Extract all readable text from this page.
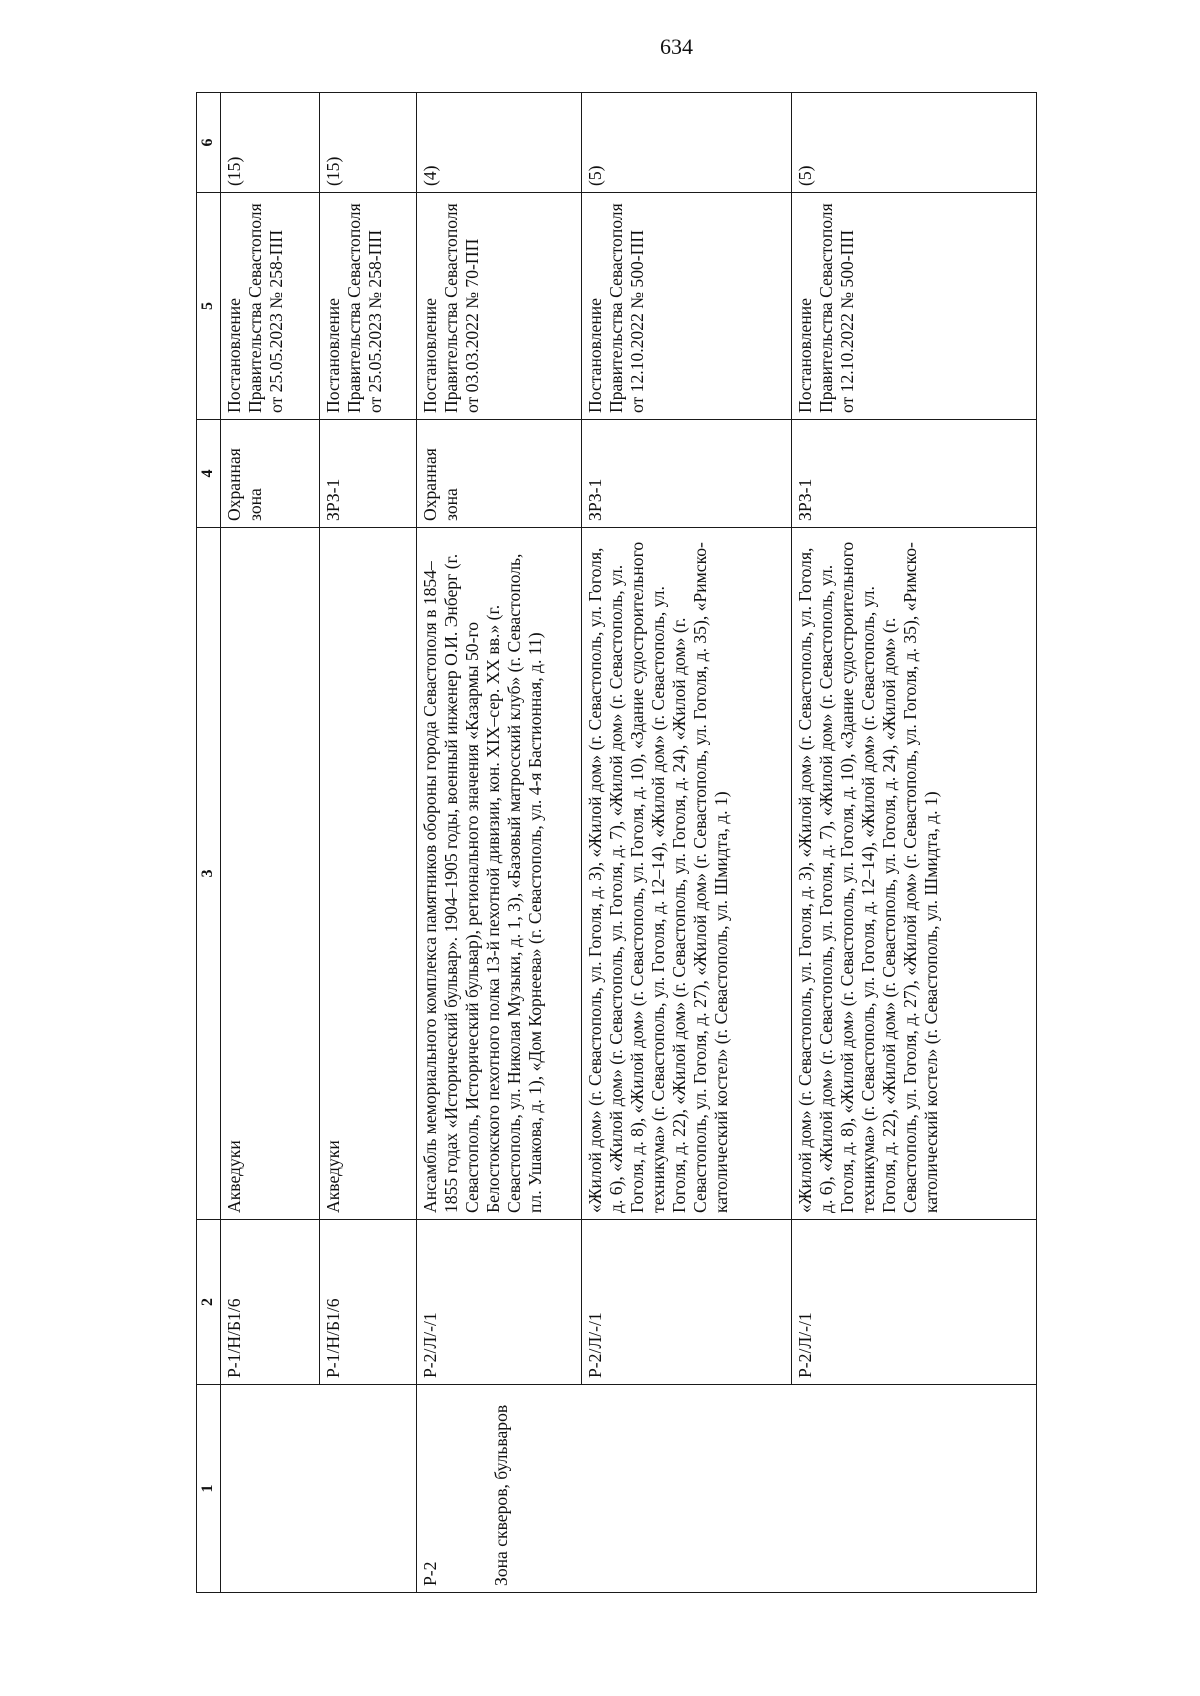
634
1	2	3	4	5	6
	Р-1/Н/Б1/6	Акведуки	Охранная зона	Постановление Правительства Севастополя от 25.05.2023 № 258-ПП	(15)
	Р-1/Н/Б1/6	Акведуки	ЗРЗ-1	Постановление Правительства Севастополя от 25.05.2023 № 258-ПП	(15)

Р-2 Зона скверов, бульваров	Р-2/Л/-/1	Ансамбль мемориального комплекса памятников обороны города Севастополя в 1854–1855 годах «Исторический бульвар». 1904–1905 годы, военный инженер О.И. Энберг (г. Севастополь, Исторический бульвар), регионального значения «Казармы 50-го Белостокского пехотного полка 13-й пехотной дивизии, кон. XIX–сер. XX вв.» (г. Севастополь, ул. Николая Музыки, д. 1, 3), «Базовый матросский клуб» (г. Севастополь, пл. Ушакова, д. 1), «Дом Корнеева» (г. Севастополь, ул. 4-я Бастионная, д. 11)	Охранная зона	Постановление Правительства Севастополя от 03.03.2022 № 70-ПП	(4)
	Р-2/Л/-/1	«Жилой дом» (г. Севастополь, ул. Гоголя, д. 3), «Жилой дом» (г. Севастополь, ул. Гоголя, д. 6), «Жилой дом» (г. Севастополь, ул. Гоголя, д. 7), «Жилой дом» (г. Севастополь, ул. Гоголя, д. 8), «Жилой дом» (г. Севастополь, ул. Гоголя, д. 10), «Здание судостроительного техникума» (г. Севастополь, ул. Гоголя, д. 12–14), «Жилой дом» (г. Севастополь, ул. Гоголя, д. 22), «Жилой дом» (г. Севастополь, ул. Гоголя, д. 24), «Жилой дом» (г. Севастополь, ул. Гоголя, д. 27), «Жилой дом» (г. Севастополь, ул. Гоголя, д. 35), «Римско-католический костел» (г. Севастополь, ул. Шмидта, д. 1)	ЗРЗ-1	Постановление Правительства Севастополя от 12.10.2022 № 500-ПП	(5)
	Р-2/Л/-/1	«Жилой дом» (г. Севастополь, ул. Гоголя, д. 3), «Жилой дом» (г. Севастополь, ул. Гоголя, д. 6), «Жилой дом» (г. Севастополь, ул. Гоголя, д. 7), «Жилой дом» (г. Севастополь, ул. Гоголя, д. 8), «Жилой дом» (г. Севастополь, ул. Гоголя, д. 10), «Здание судостроительного техникума» (г. Севастополь, ул. Гоголя, д. 12–14), «Жилой дом» (г. Севастополь, ул. Гоголя, д. 22), «Жилой дом» (г. Севастополь, ул. Гоголя, д. 24), «Жилой дом» (г. Севастополь, ул. Гоголя, д. 27), «Жилой дом» (г. Севастополь, ул. Гоголя, д. 35), «Римско-католический костел» (г. Севастополь, ул. Шмидта, д. 1)	ЗРЗ-1	Постановление Правительства Севастополя от 12.10.2022 № 500-ПП	(5)
